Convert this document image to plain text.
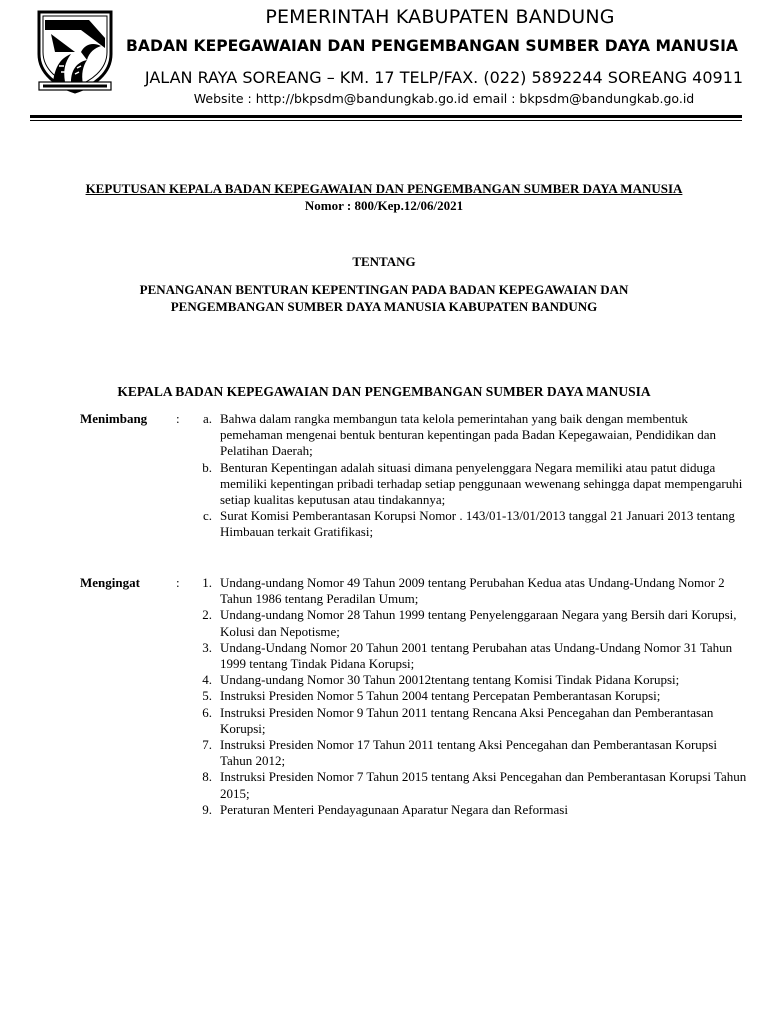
PEMERINTAH KABUPATEN BANDUNG
BADAN KEPEGAWAIAN DAN PENGEMBANGAN SUMBER DAYA MANUSIA
JALAN RAYA SOREANG – KM. 17 TELP/FAX. (022) 5892244 SOREANG 40911
Website : http://bkpsdm@bandungkab.go.id email : bkpsdm@bandungkab.go.id
KEPUTUSAN KEPALA BADAN KEPEGAWAIAN DAN PENGEMBANGAN SUMBER DAYA MANUSIA
Nomor : 800/Kep.12/06/2021
TENTANG
PENANGANAN BENTURAN KEPENTINGAN PADA BADAN KEPEGAWAIAN DAN
PENGEMBANGAN SUMBER DAYA MANUSIA KABUPATEN BANDUNG
KEPALA BADAN KEPEGAWAIAN DAN PENGEMBANGAN SUMBER DAYA MANUSIA
Menimbang :	a. Bahwa dalam rangka membangun tata kelola pemerintahan yang baik dengan membentuk pemehaman mengenai bentuk benturan kepentingan pada Badan Kepegawaian, Pendidikan dan Pelatihan Daerah;
b. Benturan Kepentingan adalah situasi dimana penyelenggara Negara memiliki atau patut diduga memiliki kepentingan pribadi terhadap setiap penggunaan wewenang sehingga dapat mempengaruhi setiap kualitas keputusan atau tindakannya;
c. Surat Komisi Pemberantasan Korupsi Nomor . 143/01-13/01/2013 tanggal 21 Januari 2013 tentang Himbauan terkait Gratifikasi;
Mengingat	:	1. Undang-undang Nomor 49 Tahun 2009 tentang Perubahan Kedua atas Undang-Undang Nomor 2 Tahun 1986 tentang Peradilan Umum;
2. Undang-undang Nomor 28 Tahun 1999 tentang Penyelenggaraan Negara yang Bersih dari Korupsi, Kolusi dan Nepotisme;
3. Undang-Undang Nomor 20 Tahun 2001 tentang Perubahan atas Undang-Undang Nomor 31 Tahun 1999 tentang Tindak Pidana Korupsi;
4. Undang-undang Nomor 30 Tahun 20012tentang tentang Komisi Tindak Pidana Korupsi;
5. Instruksi Presiden Nomor 5 Tahun 2004 tentang Percepatan Pemberantasan Korupsi;
6. Instruksi Presiden Nomor 9 Tahun 2011 tentang Rencana Aksi Pencegahan dan Pemberantasan Korupsi;
7. Instruksi Presiden Nomor 17 Tahun 2011 tentang Aksi Pencegahan dan Pemberantasan Korupsi Tahun 2012;
8. Instruksi Presiden Nomor 7 Tahun 2015 tentang Aksi Pencegahan dan Pemberantasan Korupsi Tahun 2015;
9. Peraturan Menteri Pendayagunaan Aparatur Negara dan Reformasi
